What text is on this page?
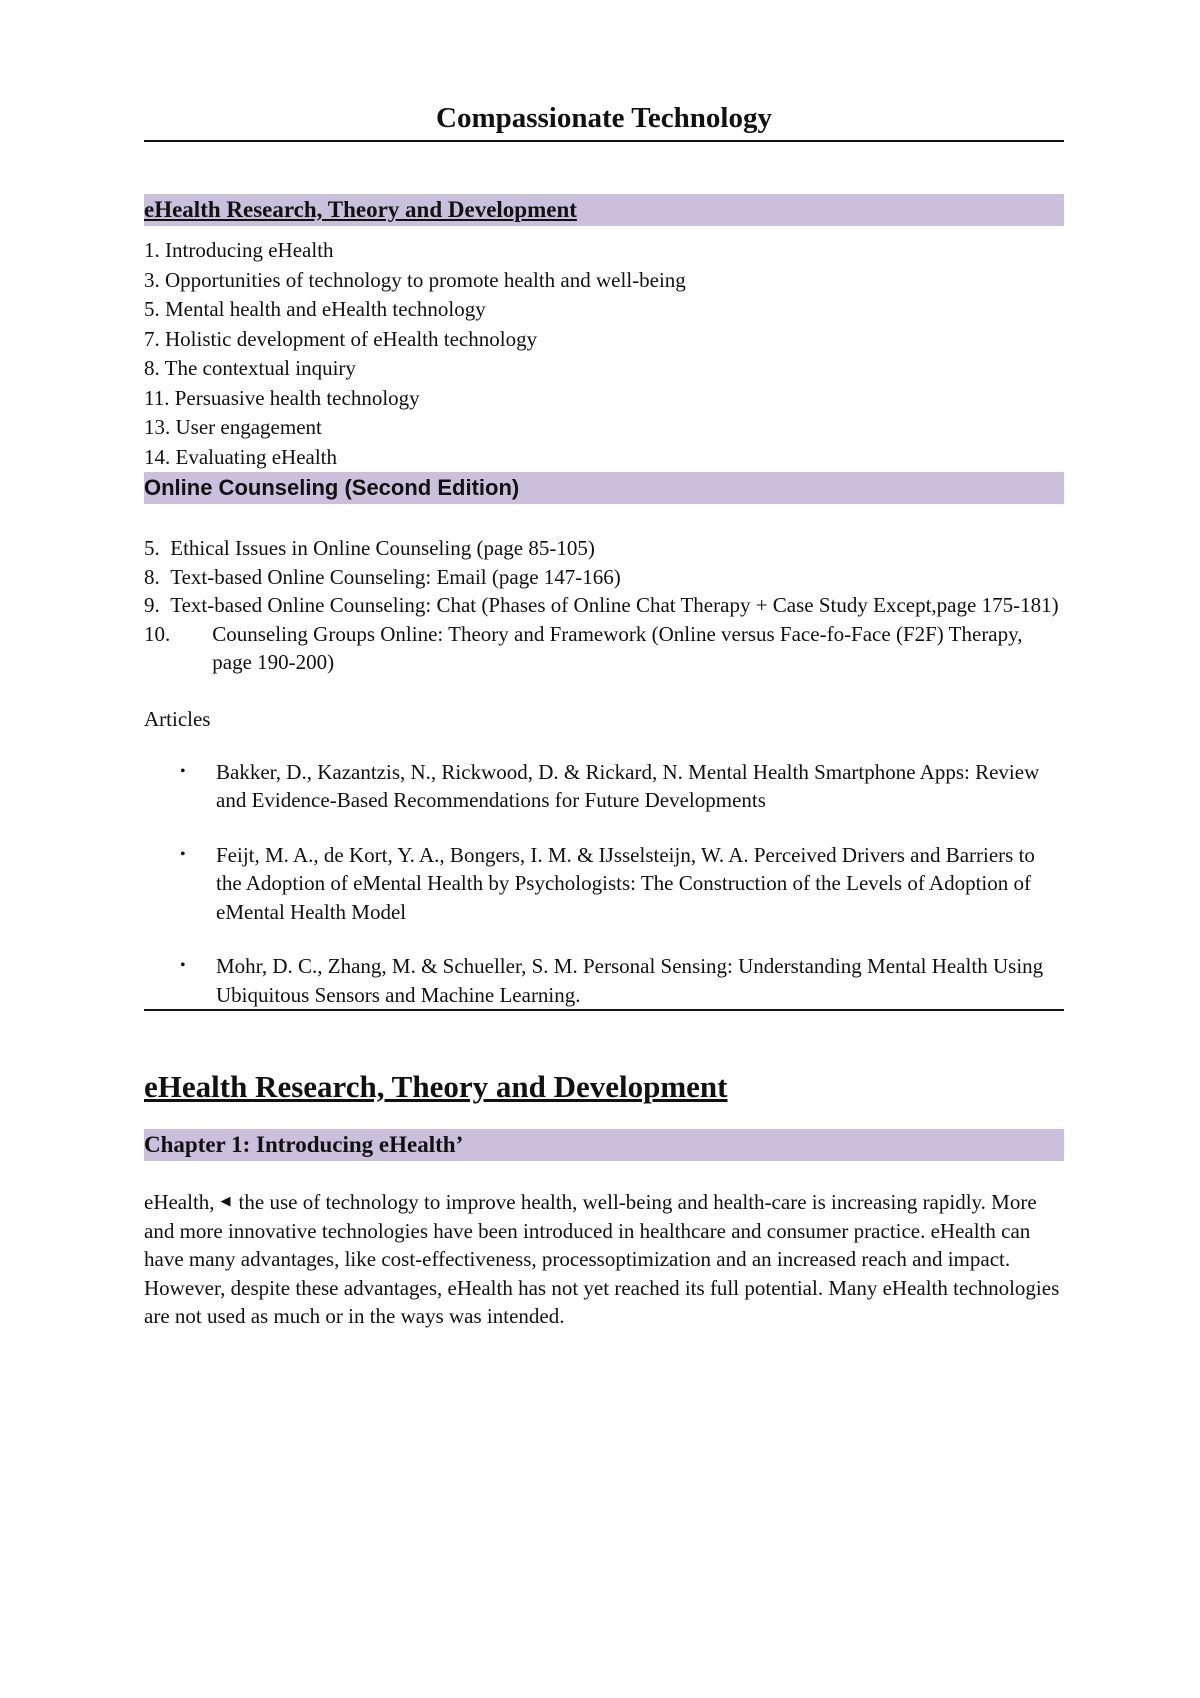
Compassionate Technology
eHealth Research, Theory and Development
1. Introducing eHealth
3. Opportunities of technology to promote health and well-being
5. Mental health and eHealth technology
7. Holistic development of eHealth technology
8. The contextual inquiry
11. Persuasive health technology
13. User engagement
14. Evaluating eHealth
Online Counseling (Second Edition)
5. Ethical Issues in Online Counseling (page 85-105)
8. Text-based Online Counseling: Email (page 147-166)
9. Text-based Online Counseling: Chat (Phases of Online Chat Therapy + Case Study Except,page 175-181)
10. Counseling Groups Online: Theory and Framework (Online versus Face-fo-Face (F2F) Therapy, page 190-200)
Articles
•	Bakker, D., Kazantzis, N., Rickwood, D. & Rickard, N. Mental Health Smartphone Apps: Review and Evidence-Based Recommendations for Future Developments
•	Feijt, M. A., de Kort, Y. A., Bongers, I. M. & IJsselsteijn, W. A. Perceived Drivers and Barriers to the Adoption of eMental Health by Psychologists: The Construction of the Levels of Adoption of eMental Health Model
•	Mohr, D. C., Zhang, M. & Schueller, S. M. Personal Sensing: Understanding Mental Health Using Ubiquitous Sensors and Machine Learning.
eHealth Research, Theory and Development
Chapter 1: Introducing eHealth’
eHealth, ◀ the use of technology to improve health, well-being and health-care is increasing rapidly. More and more innovative technologies have been introduced in healthcare and consumer practice. eHealth can have many advantages, like cost-effectiveness, processoptimization and an increased reach and impact. However, despite these advantages, eHealth has not yet reached its full potential. Many eHealth technologies are not used as much or in the ways was intended.
